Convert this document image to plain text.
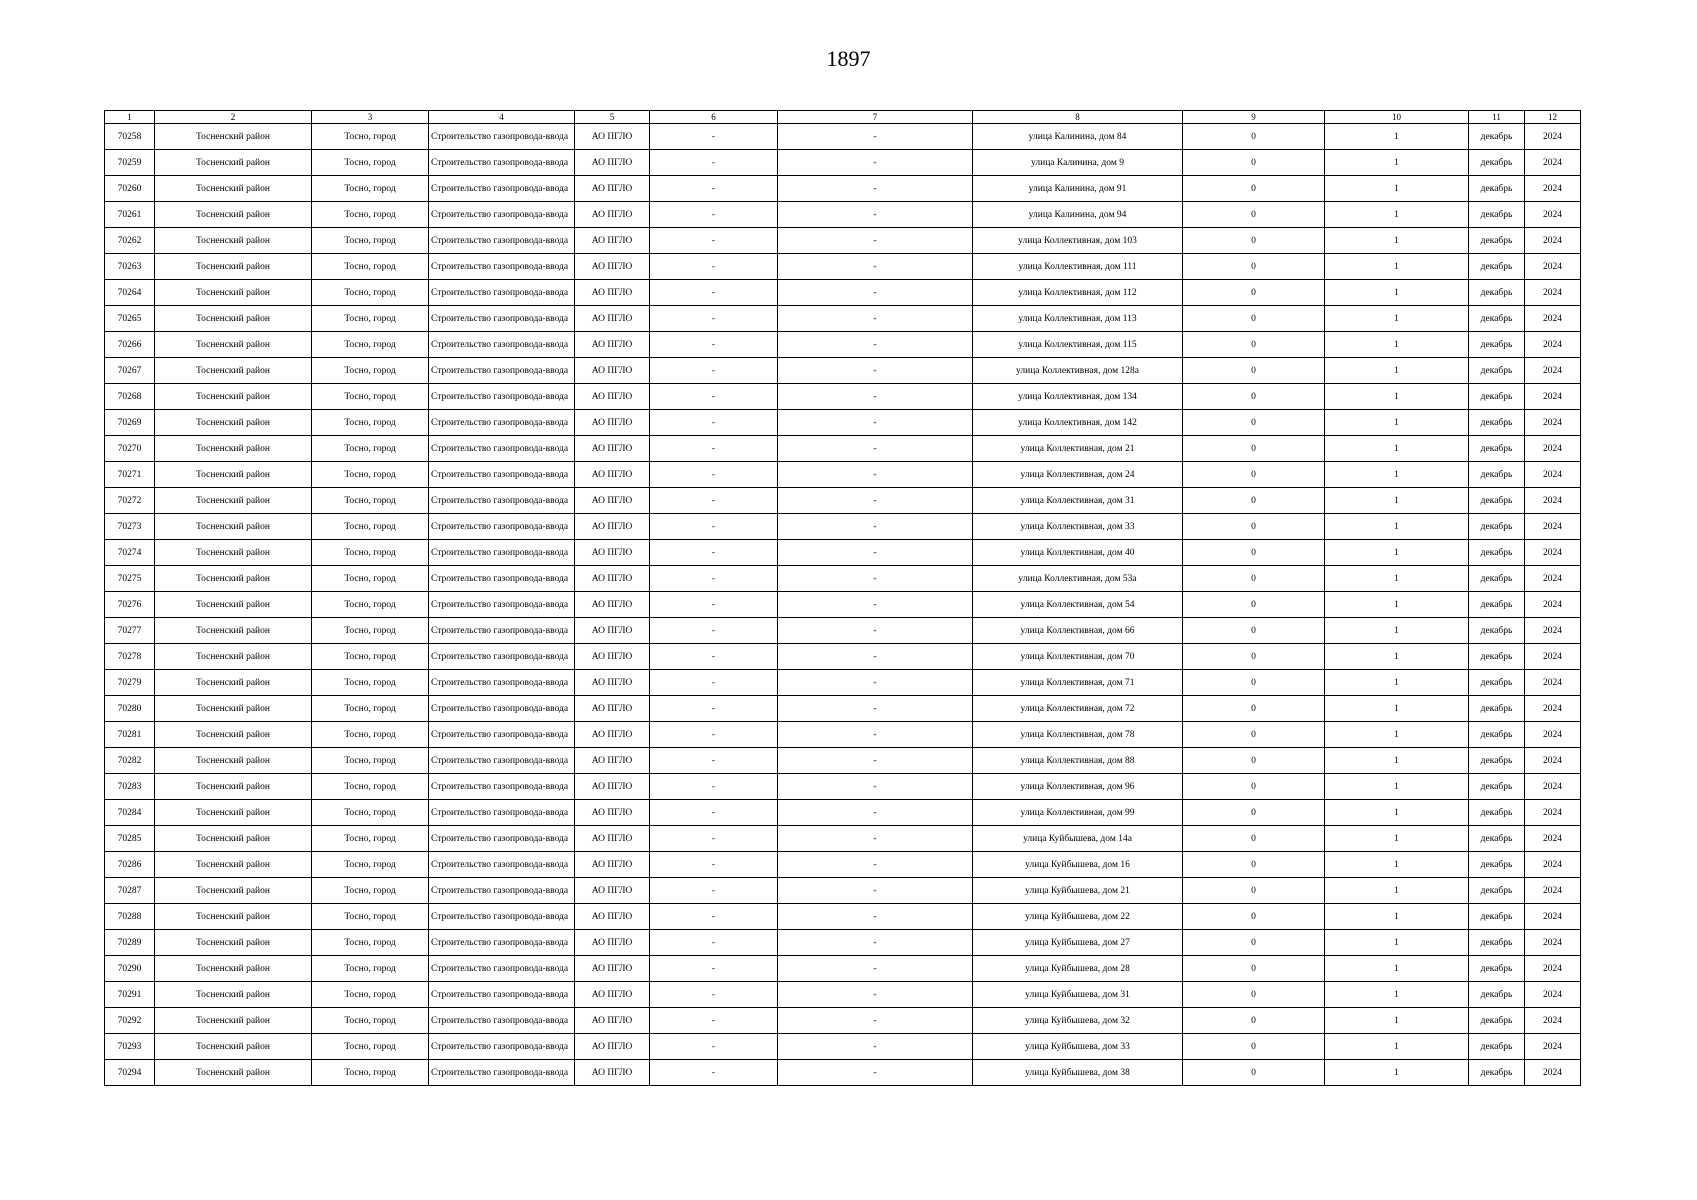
1897
1	2	3	4	5	6	7	8	9	10	11	12
70258	Тосненский район	Тосно, город	Строительство газопровода-ввода	АО ПГЛО	-	-	улица Калинина, дом 84	0	1	декабрь	2024
70259	Тосненский район	Тосно, город	Строительство газопровода-ввода	АО ПГЛО	-	-	улица Калинина, дом 9	0	1	декабрь	2024
70260	Тосненский район	Тосно, город	Строительство газопровода-ввода	АО ПГЛО	-	-	улица Калинина, дом 91	0	1	декабрь	2024
70261	Тосненский район	Тосно, город	Строительство газопровода-ввода	АО ПГЛО	-	-	улица Калинина, дом 94	0	1	декабрь	2024
70262	Тосненский район	Тосно, город	Строительство газопровода-ввода	АО ПГЛО	-	-	улица Коллективная, дом 103	0	1	декабрь	2024
70263	Тосненский район	Тосно, город	Строительство газопровода-ввода	АО ПГЛО	-	-	улица Коллективная, дом 111	0	1	декабрь	2024
70264	Тосненский район	Тосно, город	Строительство газопровода-ввода	АО ПГЛО	-	-	улица Коллективная, дом 112	0	1	декабрь	2024
70265	Тосненский район	Тосно, город	Строительство газопровода-ввода	АО ПГЛО	-	-	улица Коллективная, дом 113	0	1	декабрь	2024
70266	Тосненский район	Тосно, город	Строительство газопровода-ввода	АО ПГЛО	-	-	улица Коллективная, дом 115	0	1	декабрь	2024
70267	Тосненский район	Тосно, город	Строительство газопровода-ввода	АО ПГЛО	-	-	улица Коллективная, дом 128а	0	1	декабрь	2024
70268	Тосненский район	Тосно, город	Строительство газопровода-ввода	АО ПГЛО	-	-	улица Коллективная, дом 134	0	1	декабрь	2024
70269	Тосненский район	Тосно, город	Строительство газопровода-ввода	АО ПГЛО	-	-	улица Коллективная, дом 142	0	1	декабрь	2024
70270	Тосненский район	Тосно, город	Строительство газопровода-ввода	АО ПГЛО	-	-	улица Коллективная, дом 21	0	1	декабрь	2024
70271	Тосненский район	Тосно, город	Строительство газопровода-ввода	АО ПГЛО	-	-	улица Коллективная, дом 24	0	1	декабрь	2024
70272	Тосненский район	Тосно, город	Строительство газопровода-ввода	АО ПГЛО	-	-	улица Коллективная, дом 31	0	1	декабрь	2024
70273	Тосненский район	Тосно, город	Строительство газопровода-ввода	АО ПГЛО	-	-	улица Коллективная, дом 33	0	1	декабрь	2024
70274	Тосненский район	Тосно, город	Строительство газопровода-ввода	АО ПГЛО	-	-	улица Коллективная, дом 40	0	1	декабрь	2024
70275	Тосненский район	Тосно, город	Строительство газопровода-ввода	АО ПГЛО	-	-	улица Коллективная, дом 53а	0	1	декабрь	2024
70276	Тосненский район	Тосно, город	Строительство газопровода-ввода	АО ПГЛО	-	-	улица Коллективная, дом 54	0	1	декабрь	2024
70277	Тосненский район	Тосно, город	Строительство газопровода-ввода	АО ПГЛО	-	-	улица Коллективная, дом 66	0	1	декабрь	2024
70278	Тосненский район	Тосно, город	Строительство газопровода-ввода	АО ПГЛО	-	-	улица Коллективная, дом 70	0	1	декабрь	2024
70279	Тосненский район	Тосно, город	Строительство газопровода-ввода	АО ПГЛО	-	-	улица Коллективная, дом 71	0	1	декабрь	2024
70280	Тосненский район	Тосно, город	Строительство газопровода-ввода	АО ПГЛО	-	-	улица Коллективная, дом 72	0	1	декабрь	2024
70281	Тосненский район	Тосно, город	Строительство газопровода-ввода	АО ПГЛО	-	-	улица Коллективная, дом 78	0	1	декабрь	2024
70282	Тосненский район	Тосно, город	Строительство газопровода-ввода	АО ПГЛО	-	-	улица Коллективная, дом 88	0	1	декабрь	2024
70283	Тосненский район	Тосно, город	Строительство газопровода-ввода	АО ПГЛО	-	-	улица Коллективная, дом 96	0	1	декабрь	2024
70284	Тосненский район	Тосно, город	Строительство газопровода-ввода	АО ПГЛО	-	-	улица Коллективная, дом 99	0	1	декабрь	2024
70285	Тосненский район	Тосно, город	Строительство газопровода-ввода	АО ПГЛО	-	-	улица Куйбышева, дом 14а	0	1	декабрь	2024
70286	Тосненский район	Тосно, город	Строительство газопровода-ввода	АО ПГЛО	-	-	улица Куйбышева, дом 16	0	1	декабрь	2024
70287	Тосненский район	Тосно, город	Строительство газопровода-ввода	АО ПГЛО	-	-	улица Куйбышева, дом 21	0	1	декабрь	2024
70288	Тосненский район	Тосно, город	Строительство газопровода-ввода	АО ПГЛО	-	-	улица Куйбышева, дом 22	0	1	декабрь	2024
70289	Тосненский район	Тосно, город	Строительство газопровода-ввода	АО ПГЛО	-	-	улица Куйбышева, дом 27	0	1	декабрь	2024
70290	Тосненский район	Тосно, город	Строительство газопровода-ввода	АО ПГЛО	-	-	улица Куйбышева, дом 28	0	1	декабрь	2024
70291	Тосненский район	Тосно, город	Строительство газопровода-ввода	АО ПГЛО	-	-	улица Куйбышева, дом 31	0	1	декабрь	2024
70292	Тосненский район	Тосно, город	Строительство газопровода-ввода	АО ПГЛО	-	-	улица Куйбышева, дом 32	0	1	декабрь	2024
70293	Тосненский район	Тосно, город	Строительство газопровода-ввода	АО ПГЛО	-	-	улица Куйбышева, дом 33	0	1	декабрь	2024
70294	Тосненский район	Тосно, город	Строительство газопровода-ввода	АО ПГЛО	-	-	улица Куйбышева, дом 38	0	1	декабрь	2024
